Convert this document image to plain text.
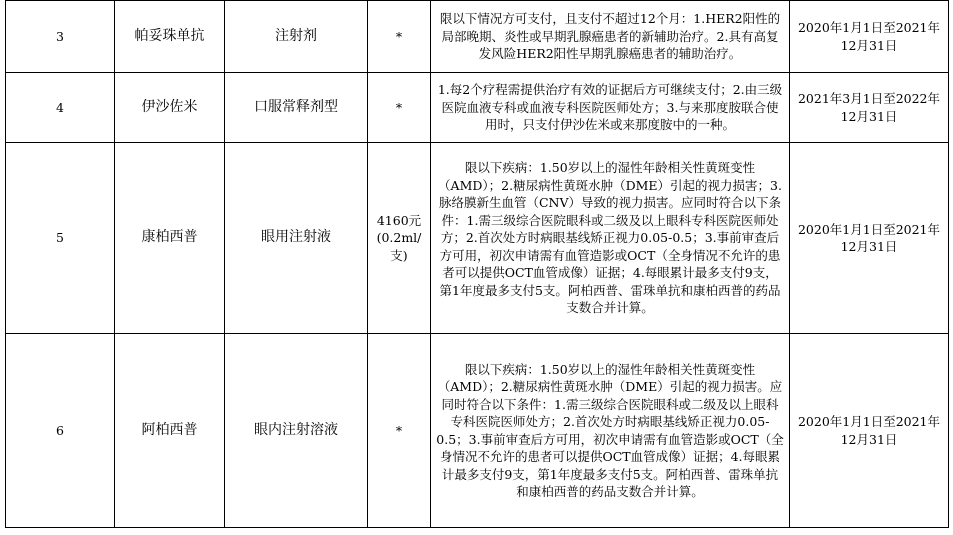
3	帕妥珠单抗	注射剂	*	限以下情况方可支付，且支付不超过12个月：1.HER2阳性的局部晚期、炎性或早期乳腺癌患者的新辅助治疗。2.具有高复发风险HER2阳性早期乳腺癌患者的辅助治疗。	2020年1月1日至2021年12月31日
4	伊沙佐米	口服常释剂型	*	1.每2个疗程需提供治疗有效的证据后方可继续支付；2.由三级医院血液专科或血液专科医院医师处方；3.与来那度胺联合使用时，只支付伊沙佐米或来那度胺中的一种。	2021年3月1日至2022年12月31日
5	康柏西普	眼用注射液	4160元(0.2ml/支)	限以下疾病：1.50岁以上的湿性年龄相关性黄斑变性（AMD）；2.糖尿病性黄斑水肿（DME）引起的视力损害；3.脉络膜新生血管（CNV）导致的视力损害。应同时符合以下条件：1.需三级综合医院眼科或二级及以上眼科专科医院医师处方；2.首次处方时病眼基线矫正视力0.05-0.5；3.事前审查后方可用，初次申请需有血管造影或OCT（全身情况不允许的患者可以提供OCT血管成像）证据；4.每眼累计最多支付9支，第1年度最多支付5支。阿柏西普、雷珠单抗和康柏西普的药品支数合并计算。	2020年1月1日至2021年12月31日
6	阿柏西普	眼内注射溶液	*	限以下疾病：1.50岁以上的湿性年龄相关性黄斑变性（AMD）；2.糖尿病性黄斑水肿（DME）引起的视力损害。应同时符合以下条件：1.需三级综合医院眼科或二级及以上眼科专科医院医师处方；2.首次处方时病眼基线矫正视力0.05-0.5；3.事前审查后方可用，初次申请需有血管造影或OCT（全身情况不允许的患者可以提供OCT血管成像）证据；4.每眼累计最多支付9支，第1年度最多支付5支。阿柏西普、雷珠单抗和康柏西普的药品支数合并计算。	2020年1月1日至2021年12月31日
